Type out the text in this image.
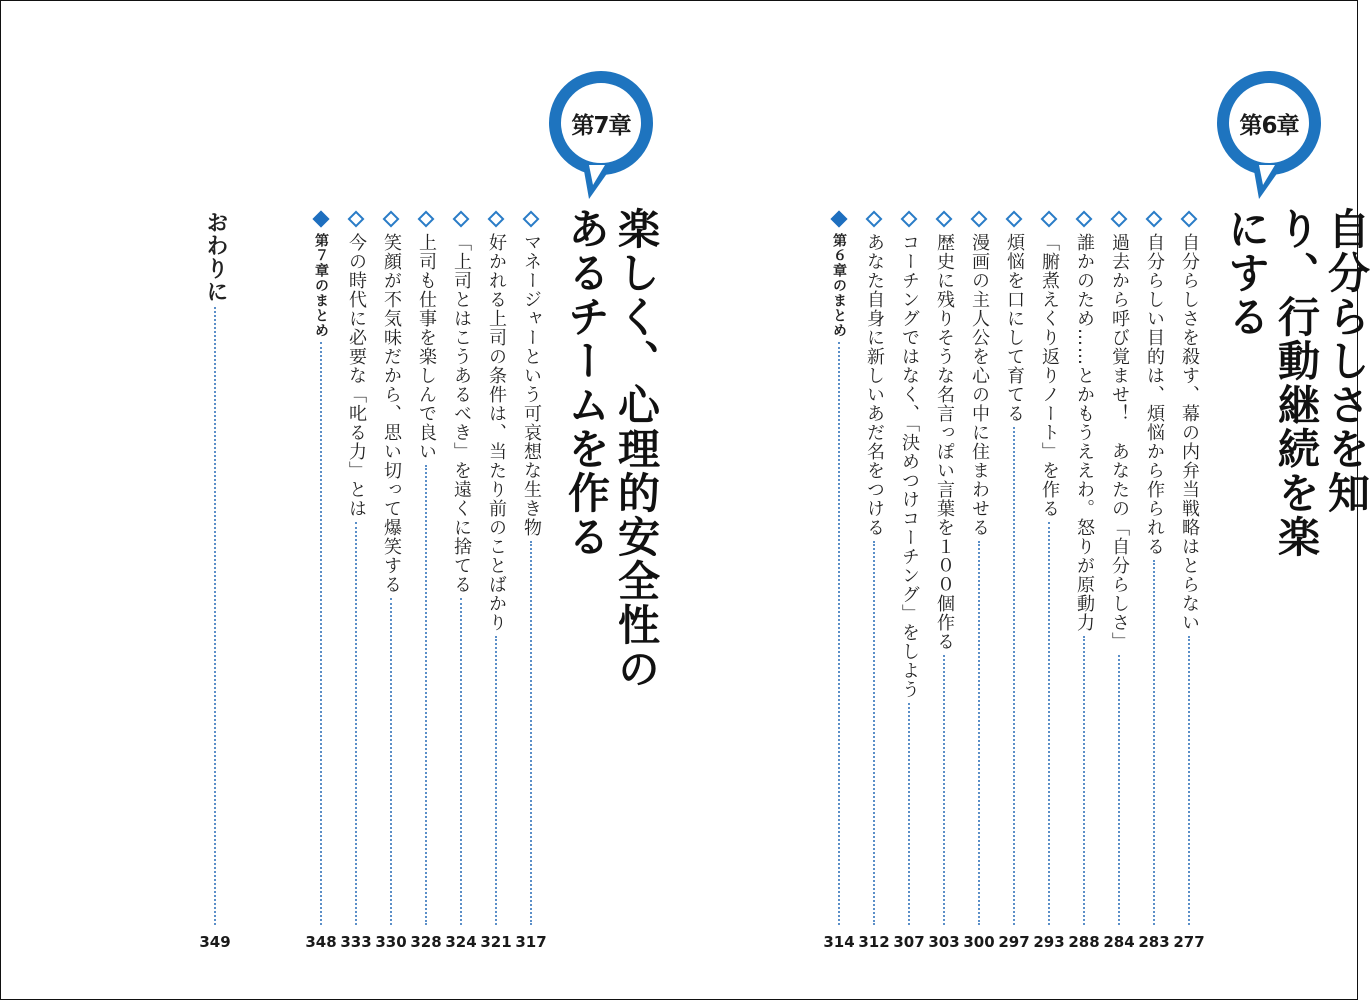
第6章
自分らしさを知り、行動継続を楽にする
自分らしさを殺す、幕の内弁当戦略はとらない
277
自分らしい目的は、煩悩から作られる
283
過去から呼び覚ませ！　あなたの「自分らしさ」
284
誰かのため……とかもうええわ。怒りが原動力
288
「腑煮えくり返りノート」を作る
293
煩悩を口にして育てる
297
漫画の主人公を心の中に住まわせる
300
歴史に残りそうな名言っぽい言葉を１００個作る
303
コーチングではなく、「決めつけコーチング」をしよう
307
あなた自身に新しいあだ名をつける
312
第６章のまとめ
314
第7章
楽しく、心理的安全性のあるチームを作る
マネージャーという可哀想な生き物
317
好かれる上司の条件は、当たり前のことばかり
321
「上司とはこうあるべき」を遠くに捨てる
324
上司も仕事を楽しんで良い
328
笑顔が不気味だから、思い切って爆笑する
330
今の時代に必要な「叱る力」とは
333
第７章のまとめ
348
おわりに
349
